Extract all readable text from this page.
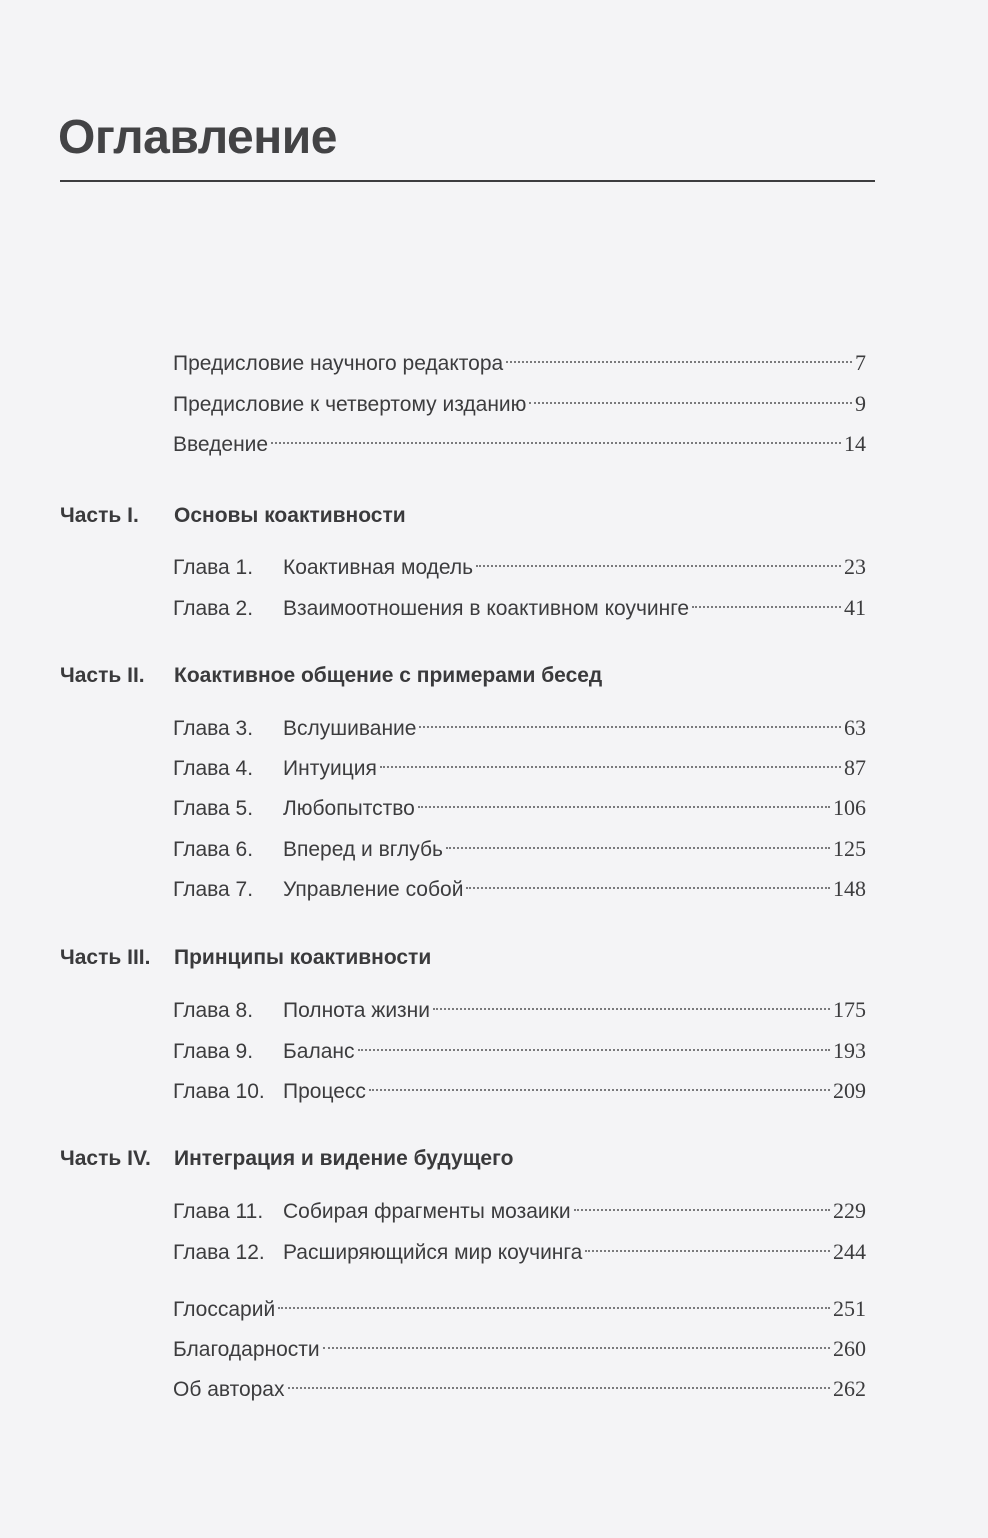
Оглавление
Предисловие научного редактора	7
Предисловие к четвертому изданию	9
Введение	14
Часть I.	Основы коактивности
Глава 1.	Коактивная модель	23
Глава 2.	Взаимоотношения в коактивном коучинге	41
Часть II.	Коактивное общение с примерами бесед
Глава 3.	Вслушивание	63
Глава 4.	Интуиция	87
Глава 5.	Любопытство	106
Глава 6.	Вперед и вглубь	125
Глава 7.	Управление собой	148
Часть III.	Принципы коактивности
Глава 8.	Полнота жизни	175
Глава 9.	Баланс	193
Глава 10. Процесс	209
Часть IV.	Интеграция и видение будущего
Глава 11. Собирая фрагменты мозаики	229
Глава 12. Расширяющийся мир коучинга	244
Глоссарий	251
Благодарности	260
Об авторах	262
